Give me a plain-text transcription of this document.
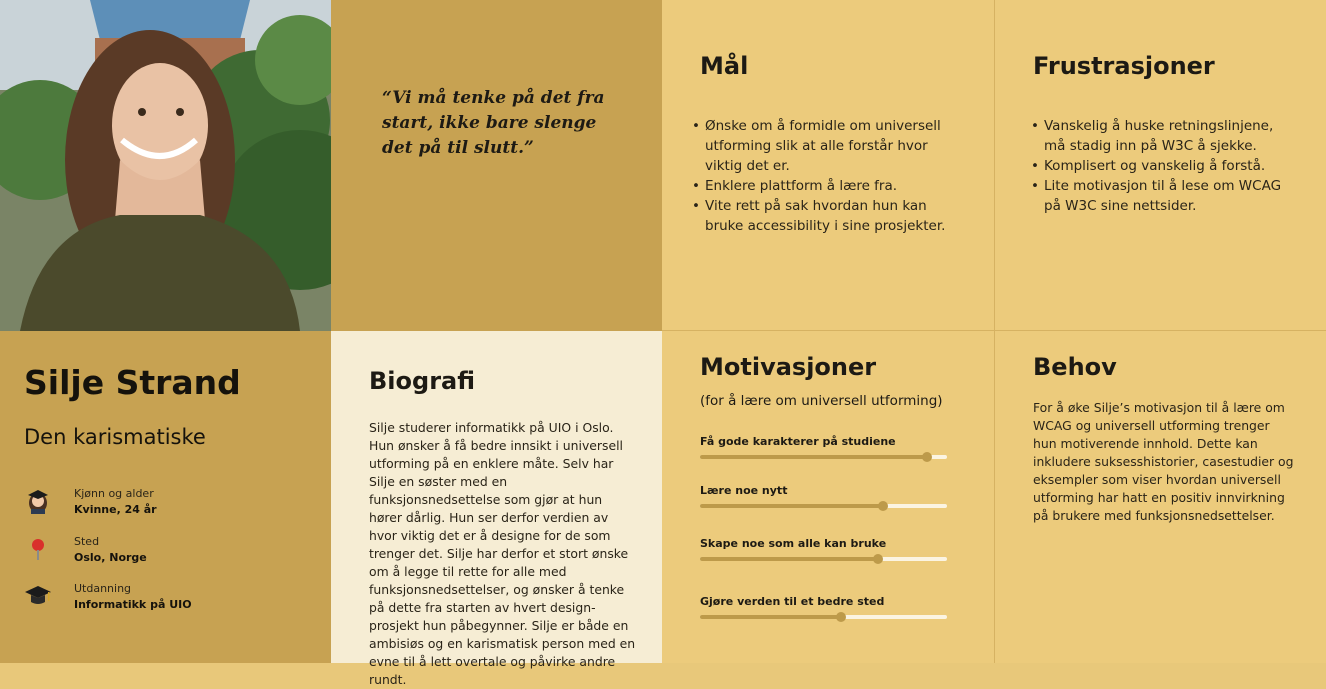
“Vi må tenke på det fra start, ikke bare slenge det på til slutt.”

Mål
• Ønske om å formidle om universell utforming slik at alle forstår hvor viktig det er.
• Enklere plattform å lære fra.
• Vite rett på sak hvordan hun kan bruke accessibility i sine prosjekter.
Frustrasjoner
• Vanskelig å huske retningslinjene, må stadig inn på W3C å sjekke.
• Komplisert og vanskelig å forstå.
• Lite motivasjon til å lese om WCAG på W3C sine nettsider.
Silje Strand
Den karismatiske
Kjønn og alder
Kvinne, 24 år
Sted
Oslo, Norge
Utdanning
Informatikk på UIO
Biografi

Silje studerer informatikk på UIO i Oslo. Hun ønsker å få bedre innsikt i universell utforming på en enklere måte. Selv har Silje en søster med en funksjonsnedsettelse som gjør at hun hører dårlig. Hun ser derfor verdien av hvor viktig det er å designe for de som trenger det. Silje har derfor et stort ønske om å legge til rette for alle med funksjonsnedsettelser, og ønsker å tenke på dette fra starten av hvert design-prosjekt hun påbegynner. Silje er både en ambisiøs og en karismatisk person med en evne til å lett overtale og påvirke andre rundt.

Motivasjoner
(for å lære om universell utforming)
Få gode karakterer på studiene
Lære noe nytt
Skape noe som alle kan bruke
Gjøre verden til et bedre sted
Behov

For å øke Silje’s motivasjon til å lære om WCAG og universell utforming trenger hun motiverende innhold. Dette kan inkludere suksesshistorier, casestudier og eksempler som viser hvordan universell utforming har hatt en positiv innvirkning på brukere med funksjonsnedsettelser.
